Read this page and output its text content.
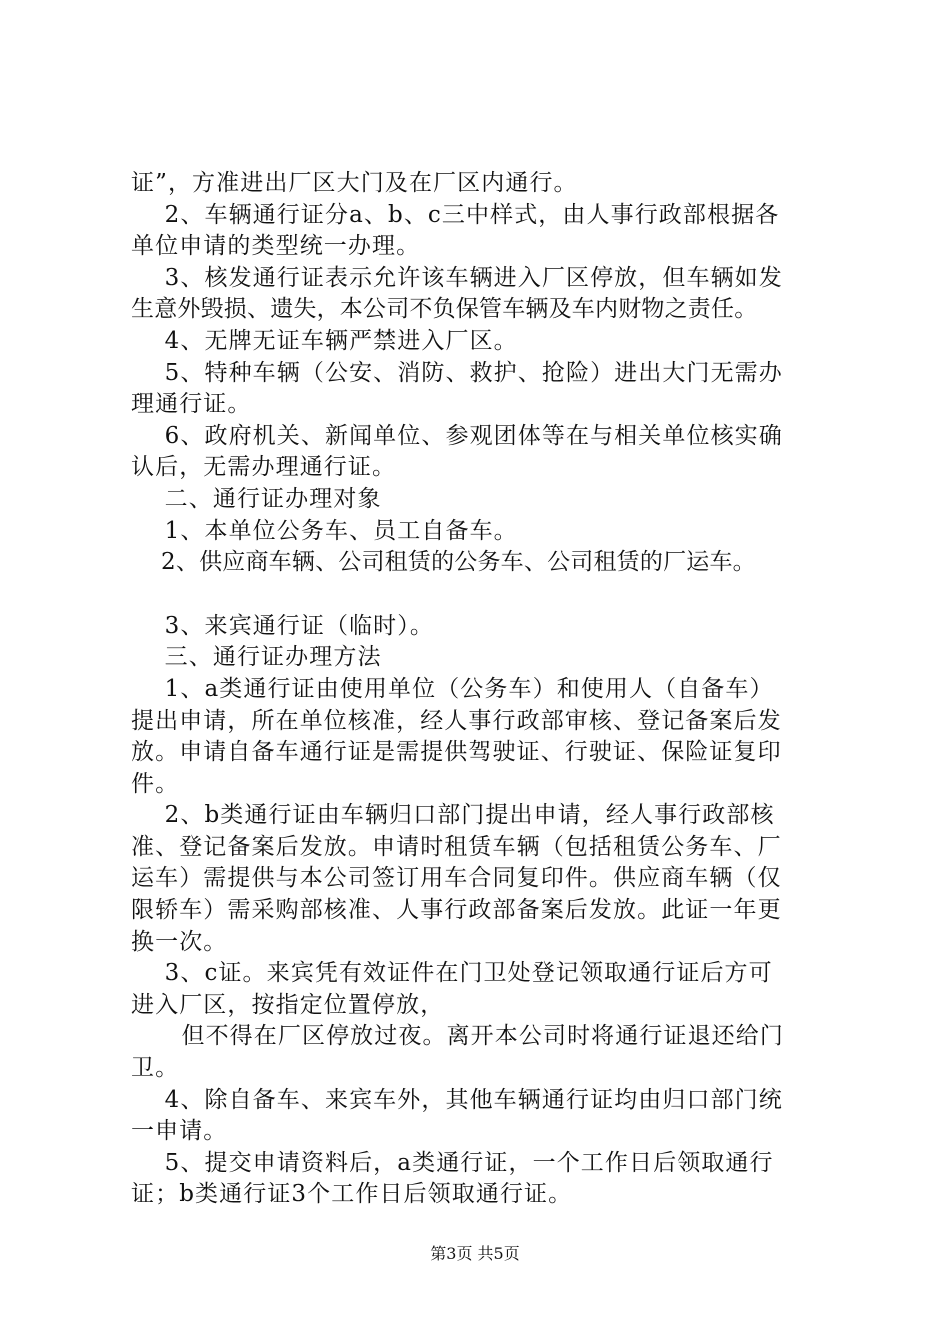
证”，方准进出厂区大门及在厂区内通行。
2、车辆通行证分a、b、c三中样式，由人事行政部根据各
单位申请的类型统一办理。
3、核发通行证表示允许该车辆进入厂区停放，但车辆如发
生意外毁损、遗失，本公司不负保管车辆及车内财物之责任。
4、无牌无证车辆严禁进入厂区。
5、特种车辆（公安、消防、救护、抢险）进出大门无需办
理通行证。
6、政府机关、新闻单位、参观团体等在与相关单位核实确
认后，无需办理通行证。
二、通行证办理对象
1、本单位公务车、员工自备车。
2、供应商车辆、公司租赁的公务车、公司租赁的厂运车。
3、来宾通行证（临时）。
三、通行证办理方法
1、a类通行证由使用单位（公务车）和使用人（自备车）
提出申请，所在单位核准，经人事行政部审核、登记备案后发
放。申请自备车通行证是需提供驾驶证、行驶证、保险证复印
件。
2、b类通行证由车辆归口部门提出申请，经人事行政部核
准、登记备案后发放。申请时租赁车辆（包括租赁公务车、厂
运车）需提供与本公司签订用车合同复印件。供应商车辆（仅
限轿车）需采购部核准、人事行政部备案后发放。此证一年更
换一次。
3、c证。来宾凭有效证件在门卫处登记领取通行证后方可
进入厂区，按指定位置停放，
但不得在厂区停放过夜。离开本公司时将通行证退还给门
卫。
4、除自备车、来宾车外，其他车辆通行证均由归口部门统
一申请。
5、提交申请资料后，a类通行证，一个工作日后领取通行
证；b类通行证3个工作日后领取通行证。
第3页 共5页
